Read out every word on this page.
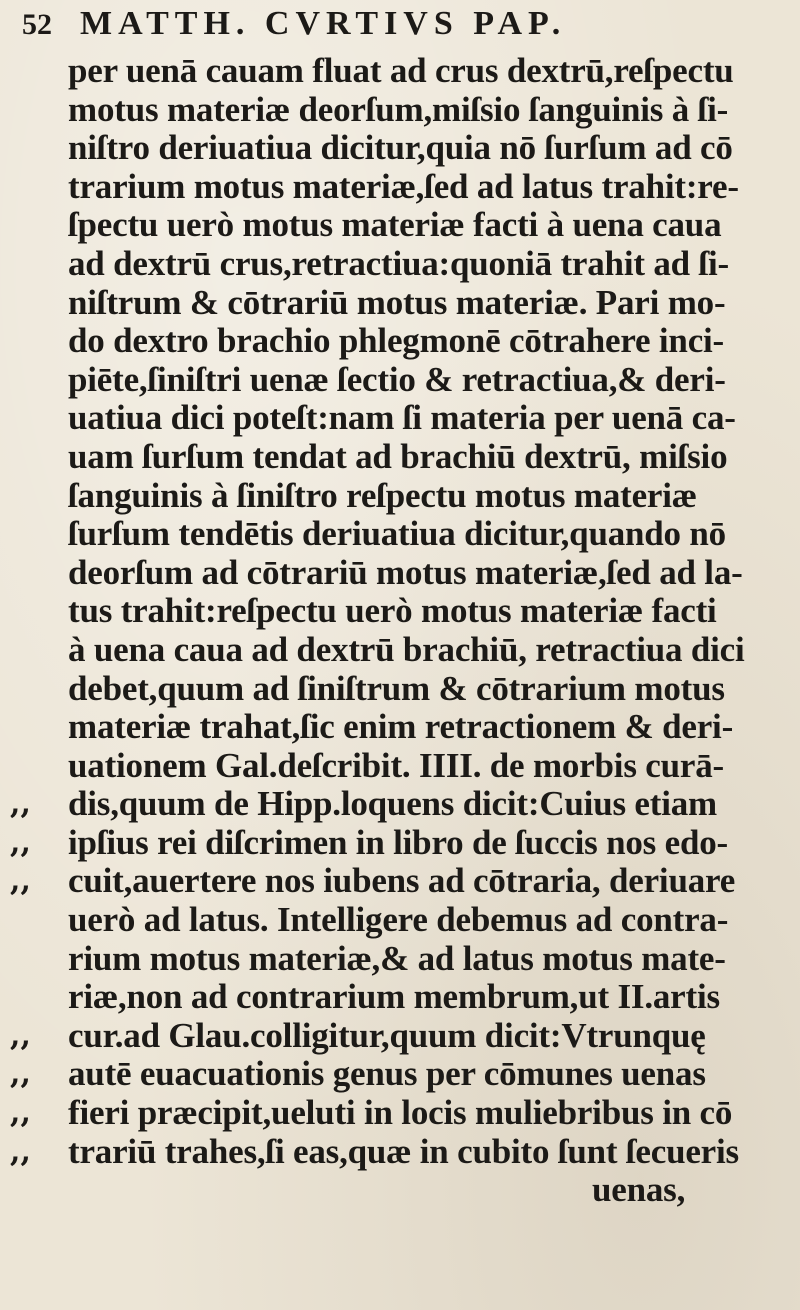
52 MATTH. CVRTIVS PAP.
per uenā cauam fluat ad crus dextrū,reſpectu
motus materiæ deorſum,miſsio ſanguinis à ſi-
niſtro deriuatiua dicitur,quia nō ſurſum ad cō
trarium motus materiæ,ſed ad latus trahit:re-
ſpectu uerò motus materiæ facti à uena caua
ad dextrū crus,retractiua:quoniā trahit ad ſi-
niſtrum & cōtrariū motus materiæ. Pari mo-
do dextro brachio phlegmonē cōtrahere inci-
piēte,ſiniſtri uenæ ſectio & retractiua,& deri-
uatiua dici poteſt:nam ſi materia per uenā ca-
uam ſurſum tendat ad brachiū dextrū, miſsio
ſanguinis à ſiniſtro reſpectu motus materiæ
ſurſum tendētis deriuatiua dicitur,quando nō
deorſum ad cōtrariū motus materiæ,ſed ad la-
tus trahit:reſpectu uerò motus materiæ facti
à uena caua ad dextrū brachiū, retractiua dici
debet,quum ad ſiniſtrum & cōtrarium motus
materiæ trahat,ſic enim retractionem & deri-
uationem Gal.deſcribit. IIII. de morbis curā-
,,	dis,quum de Hipp.loquens dicit:Cuius etiam
,,	ipſius rei diſcrimen in libro de ſuccis nos edo-
,,	cuit,auertere nos iubens ad cōtraria, deriuare
uerò ad latus. Intelligere debemus ad contra-
rium motus materiæ,& ad latus motus mate-
riæ,non ad contrarium membrum,ut II.artis
,,	cur.ad Glau.colligitur,quum dicit:Vtrunquę
,,	autē euacuationis genus per cōmunes uenas
,,	fieri præcipit,ueluti in locis muliebribus in cō
,,	trariū trahes,ſi eas,quæ in cubito ſunt ſecueris
uenas,
